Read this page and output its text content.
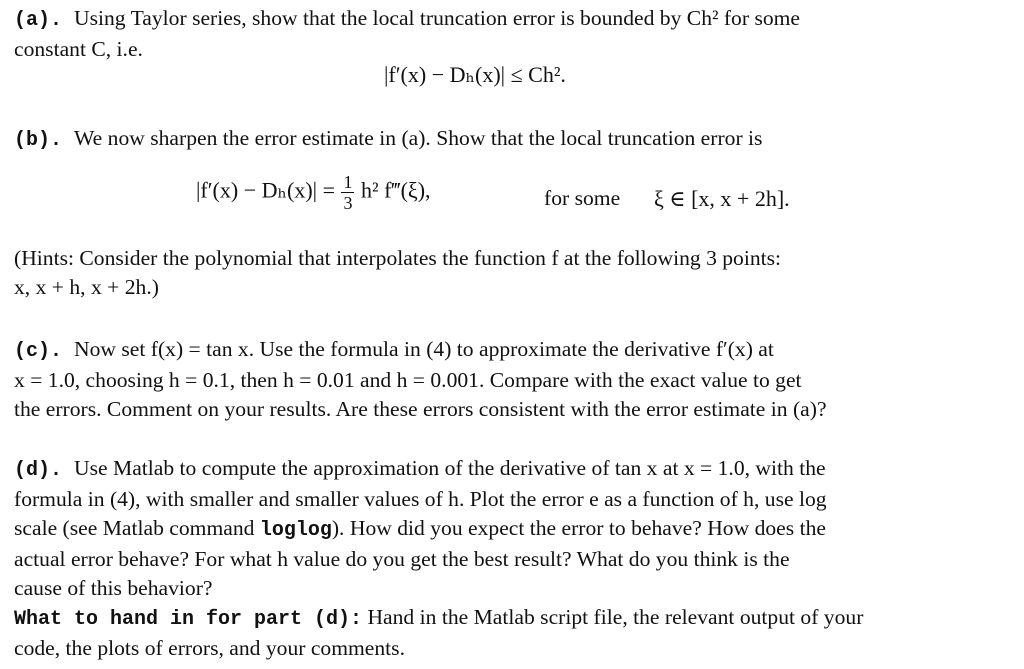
(a). Using Taylor series, show that the local truncation error is bounded by Ch² for some
constant C, i.e.
|f′(x) − Dₕ(x)| ≤ Ch².
(b). We now sharpen the error estimate in (a). Show that the local truncation error is
$|f'(x) - D_h(x)| = \frac{1}{3} h^2$ f‴(ξ),	for some ξ ∈ [x, x + 2h].
(Hints: Consider the polynomial that interpolates the function f at the following 3 points:
x, x + h, x + 2h.)
(c). Now set f(x) = tan x. Use the formula in (4) to approximate the derivative f′(x) at
x = 1.0, choosing h = 0.1, then h = 0.01 and h = 0.001. Compare with the exact value to get
the errors. Comment on your results. Are these errors consistent with the error estimate in (a)?
(d). Use Matlab to compute the approximation of the derivative of tan x at x = 1.0, with the
formula in (4), with smaller and smaller values of h. Plot the error e as a function of h, use log
scale (see Matlab command loglog). How did you expect the error to behave? How does the
actual error behave? For what h value do you get the best result? What do you think is the
cause of this behavior?
What to hand in for part (d): Hand in the Matlab script file, the relevant output of your
code, the plots of errors, and your comments.
